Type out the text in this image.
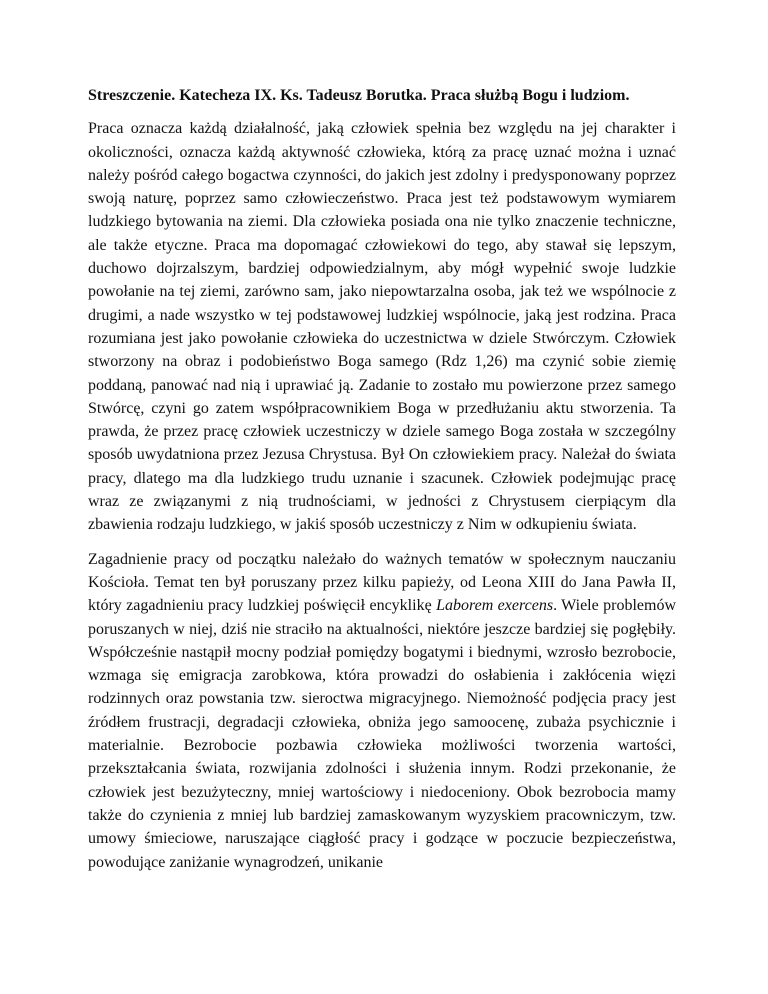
Streszczenie. Katecheza IX. Ks. Tadeusz Borutka. Praca służbą Bogu i ludziom.

Praca oznacza każdą działalność, jaką człowiek spełnia bez względu na jej charakter i okoliczności, oznacza każdą aktywność człowieka, którą za pracę uznać można i uznać należy pośród całego bogactwa czynności, do jakich jest zdolny i predysponowany poprzez swoją naturę, poprzez samo człowieczeństwo. Praca jest też podstawowym wymiarem ludzkiego bytowania na ziemi. Dla człowieka posiada ona nie tylko znaczenie techniczne, ale także etyczne. Praca ma dopomagać człowiekowi do tego, aby stawał się lepszym, duchowo dojrzalszym, bardziej odpowiedzialnym, aby mógł wypełnić swoje ludzkie powołanie na tej ziemi, zarówno sam, jako niepowtarzalna osoba, jak też we wspólnocie z drugimi, a nade wszystko w tej podstawowej ludzkiej wspólnocie, jaką jest rodzina. Praca rozumiana jest jako powołanie człowieka do uczestnictwa w dziele Stwórczym. Człowiek stworzony na obraz i podobieństwo Boga samego (Rdz 1,26) ma czynić sobie ziemię poddaną, panować nad nią i uprawiać ją. Zadanie to zostało mu powierzone przez samego Stwórcę, czyni go zatem współpracownikiem Boga w przedłużaniu aktu stworzenia. Ta prawda, że przez pracę człowiek uczestniczy w dziele samego Boga została w szczególny sposób uwydatniona przez Jezusa Chrystusa. Był On człowiekiem pracy. Należał do świata pracy, dlatego ma dla ludzkiego trudu uznanie i szacunek. Człowiek podejmując pracę wraz ze związanymi z nią trudnościami, w jedności z Chrystusem cierpiącym dla zbawienia rodzaju ludzkiego, w jakiś sposób uczestniczy z Nim w odkupieniu świata.

Zagadnienie pracy od początku należało do ważnych tematów w społecznym nauczaniu Kościoła. Temat ten był poruszany przez kilku papieży, od Leona XIII do Jana Pawła II, który zagadnieniu pracy ludzkiej poświęcił encyklikę Laborem exercens. Wiele problemów poruszanych w niej, dziś nie straciło na aktualności, niektóre jeszcze bardziej się pogłębiły. Współcześnie nastąpił mocny podział pomiędzy bogatymi i biednymi, wzrosło bezrobocie, wzmaga się emigracja zarobkowa, która prowadzi do osłabienia i zakłócenia więzi rodzinnych oraz powstania tzw. sieroctwa migracyjnego. Niemożność podjęcia pracy jest źródłem frustracji, degradacji człowieka, obniża jego samoocenę, zubaża psychicznie i materialnie. Bezrobocie pozbawia człowieka możliwości tworzenia wartości, przekształcania świata, rozwijania zdolności i służenia innym. Rodzi przekonanie, że człowiek jest bezużyteczny, mniej wartościowy i niedoceniony. Obok bezrobocia mamy także do czynienia z mniej lub bardziej zamaskowanym wyzyskiem pracowniczym, tzw. umowy śmieciowe, naruszające ciągłość pracy i godzące w poczucie bezpieczeństwa, powodujące zaniżanie wynagrodzeń, unikanie
